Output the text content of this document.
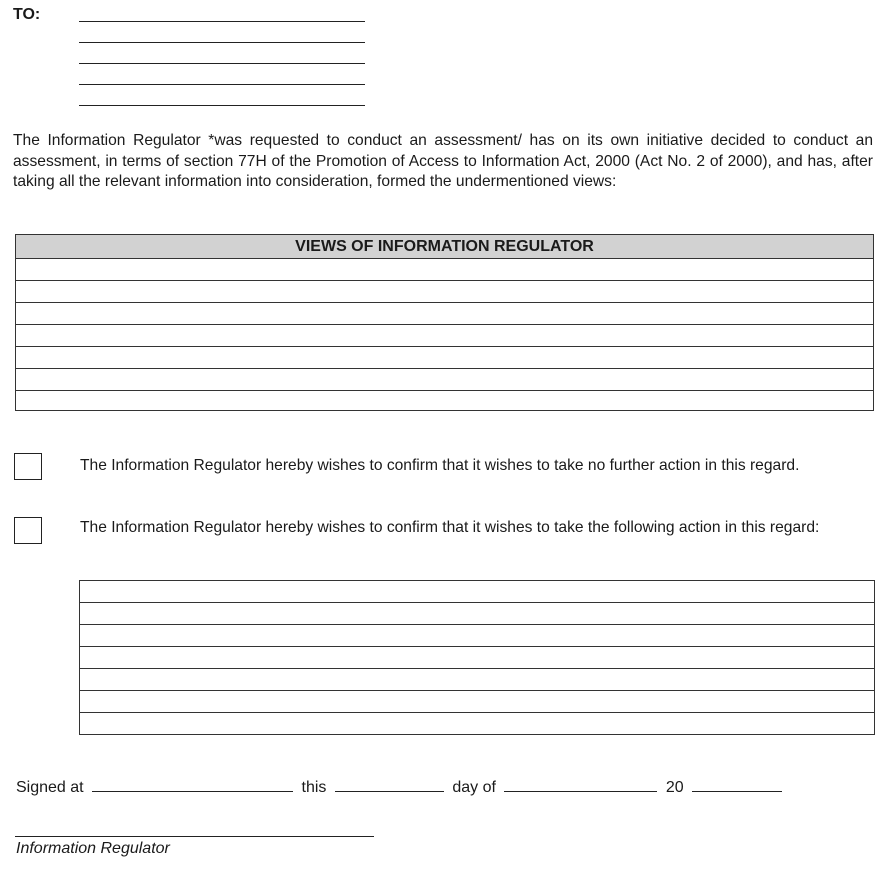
TO:
The Information Regulator *was requested to conduct an assessment/ has on its own initiative decided to conduct an assessment, in terms of section 77H of the Promotion of Access to Information Act, 2000 (Act No. 2 of 2000), and has, after taking all the relevant information into consideration, formed the undermentioned views:
VIEWS OF INFORMATION REGULATOR
The Information Regulator hereby wishes to confirm that it wishes to take no further action in this regard.
The Information Regulator hereby wishes to confirm that it wishes to take the following action in this regard:
Signed at	this	day of	20
Information Regulator
